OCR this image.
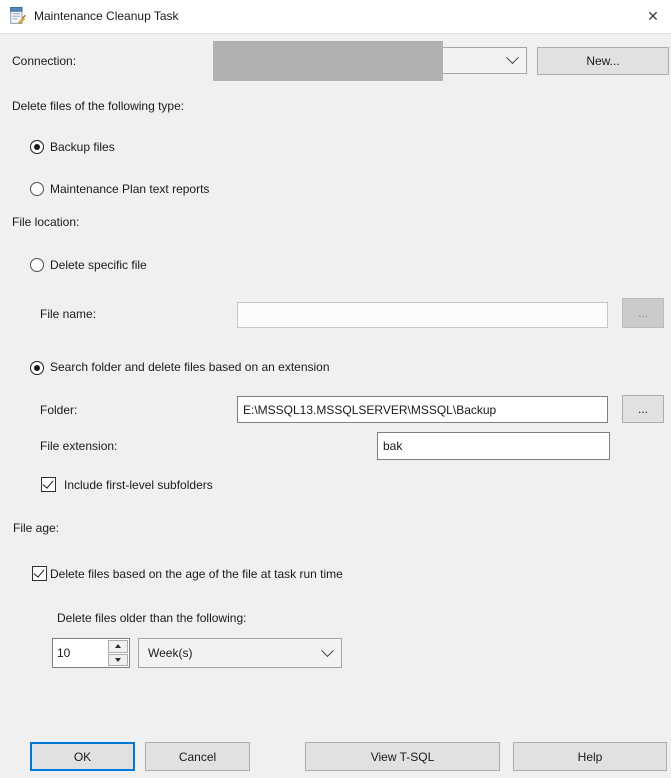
Maintenance Cleanup Task	✕
Connection:	New...
Delete files of the following type:
Backup files
Maintenance Plan text reports
File location:
Delete specific file
File name:	...
Search folder and delete files based on an extension
Folder:
E:\MSSQL13.MSSQLSERVER\MSSQL\Backup	...
File extension:
bak
Include first-level subfolders
File age:
Delete files based on the age of the file at task run time
Delete files older than the following:
10
Week(s)
OK	Cancel	View T-SQL	Help
